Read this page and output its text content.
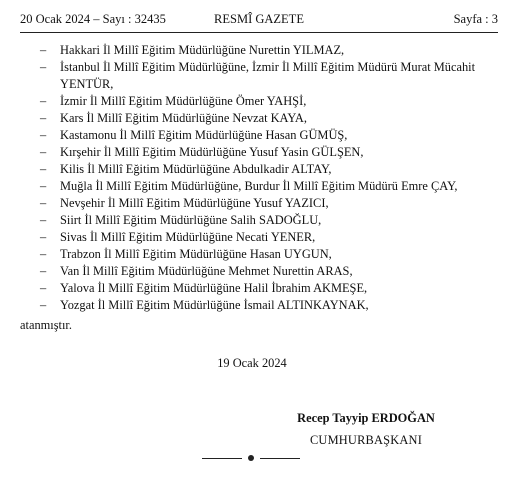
20 Ocak 2024 – Sayı : 32435	RESMÎ GAZETE	Sayfa : 3
– Hakkari İl Millî Eğitim Müdürlüğüne Nurettin YILMAZ,
– İstanbul İl Millî Eğitim Müdürlüğüne, İzmir İl Millî Eğitim Müdürü Murat Mücahit YENTÜR,
– İzmir İl Millî Eğitim Müdürlüğüne Ömer YAHŞİ,
– Kars İl Millî Eğitim Müdürlüğüne Nevzat KAYA,
– Kastamonu İl Millî Eğitim Müdürlüğüne Hasan GÜMÜŞ,
– Kırşehir İl Millî Eğitim Müdürlüğüne Yusuf Yasin GÜLŞEN,
– Kilis İl Millî Eğitim Müdürlüğüne Abdulkadir ALTAY,
– Muğla İl Millî Eğitim Müdürlüğüne, Burdur İl Millî Eğitim Müdürü Emre ÇAY,
– Nevşehir İl Millî Eğitim Müdürlüğüne Yusuf YAZICI,
– Siirt İl Millî Eğitim Müdürlüğüne Salih SADOĞLU,
– Sivas İl Millî Eğitim Müdürlüğüne Necati YENER,
– Trabzon İl Millî Eğitim Müdürlüğüne Hasan UYGUN,
– Van İl Millî Eğitim Müdürlüğüne Mehmet Nurettin ARAS,
– Yalova İl Millî Eğitim Müdürlüğüne Halil İbrahim AKMEŞE,
– Yozgat İl Millî Eğitim Müdürlüğüne İsmail ALTINKAYNAK,
atanmıştır.
19 Ocak 2024
Recep Tayyip ERDOĞAN
CUMHURBAŞKANI
